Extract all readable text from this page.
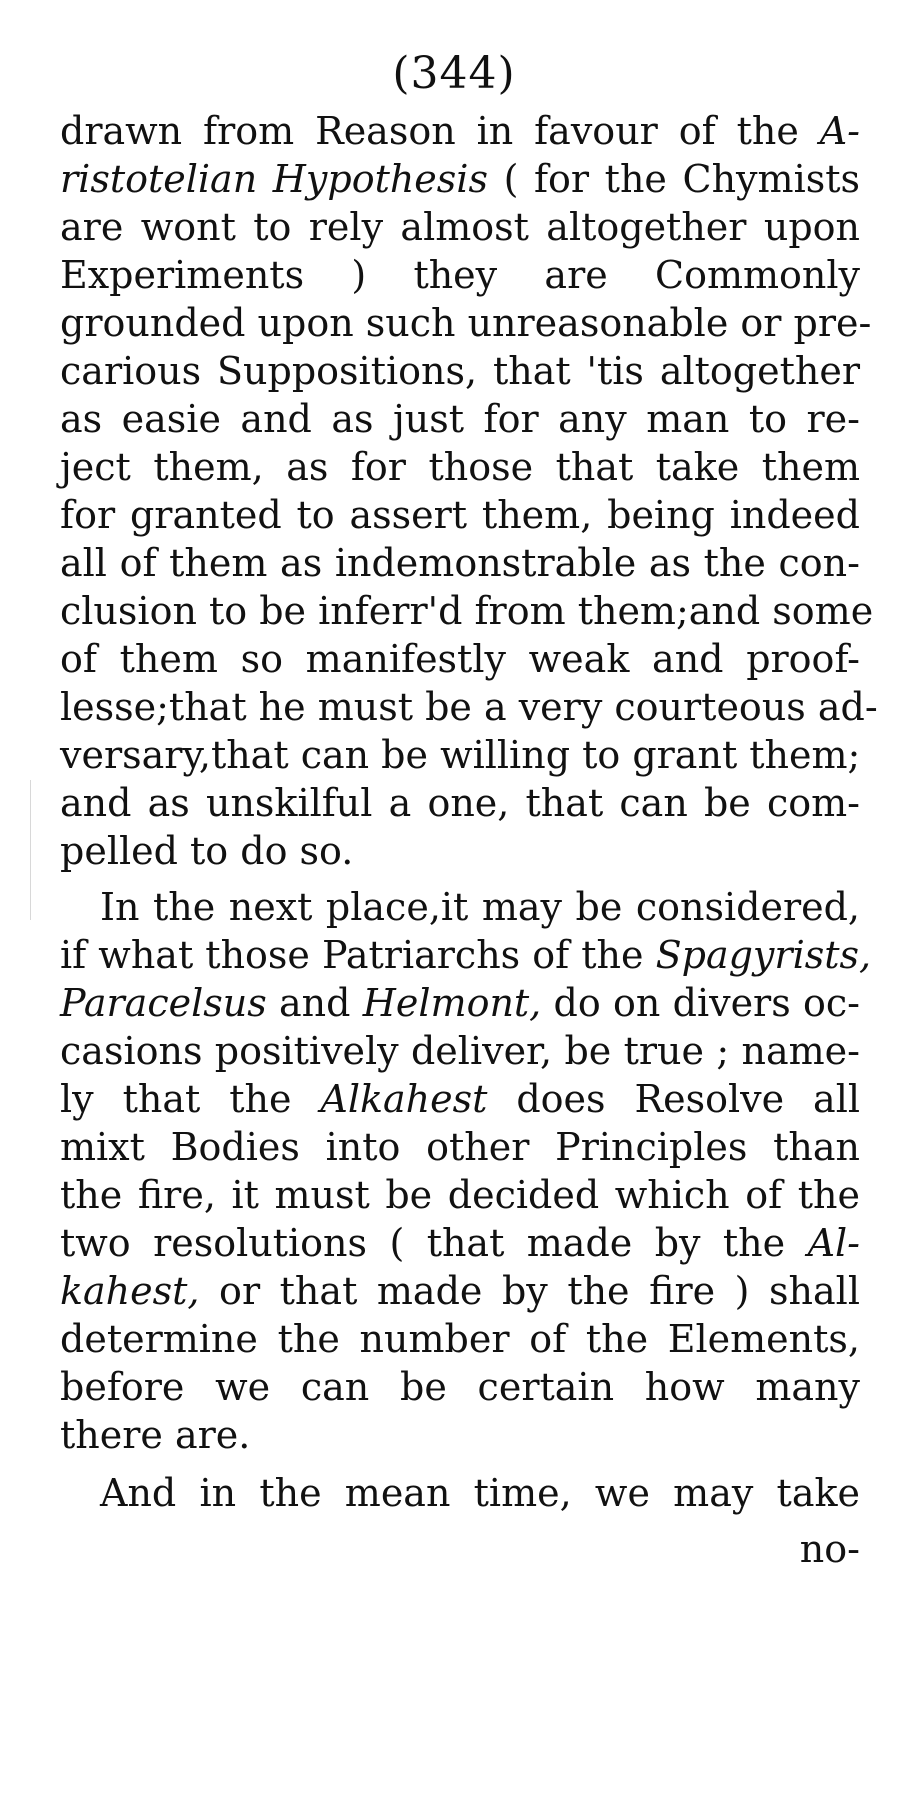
(344)
drawn from Reason in favour of the A-
ristotelian Hypothesis ( for the Chymists
are wont to rely almost altogether upon
Experiments ) they are Commonly
grounded upon such unreasonable or pre-
carious Suppositions, that 'tis altogether
as easie and as just for any man to re-
ject them, as for those that take them
for granted to assert them, being indeed
all of them as indemonstrable as the con-
clusion to be inferr'd from them;and some
of them so manifestly weak and proof-
lesse;that he must be a very courteous ad-
versary,that can be willing to grant them;
and as unskilful a one, that can be com-
pelled to do so.
In the next place,it may be considered,
if what those Patriarchs of the Spagyrists,
Paracelsus and Helmont, do on divers oc-
casions positively deliver, be true ; name-
ly that the Alkahest does Resolve all
mixt Bodies into other Principles than
the fire, it must be decided which of the
two resolutions ( that made by the Al-
kahest, or that made by the fire ) shall
determine the number of the Elements,
before we can be certain how many
there are.
And in the mean time, we may take
no-
